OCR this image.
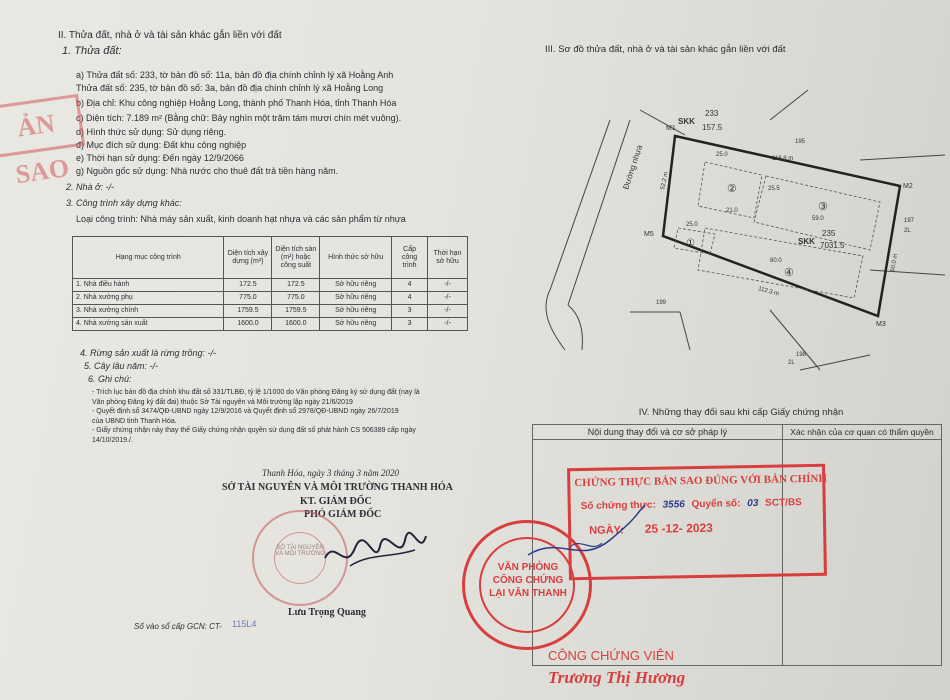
II. Thửa đất, nhà ở và tài sản khác gắn liền với đất
1. Thửa đất:
a) Thửa đất số: 233, tờ bản đồ số: 11a, bản đồ địa chính chỉnh lý xã Hoằng Anh
Thửa đất số: 235, tờ bản đồ số: 3a, bản đồ địa chính chỉnh lý xã Hoằng Long
b) Địa chỉ: Khu công nghiệp Hoằng Long, thành phố Thanh Hóa, tỉnh Thanh Hóa
c) Diện tích: 7.189 m² (Bằng chữ: Bảy nghìn một trăm tám mươi chín mét vuông).
d) Hình thức sử dụng: Sử dụng riêng.
đ) Mục đích sử dụng: Đất khu công nghiệp
e) Thời hạn sử dụng: Đến ngày 12/9/2066
g) Nguồn gốc sử dụng: Nhà nước cho thuê đất trả tiền hàng năm.
2. Nhà ở: -/-
3. Công trình xây dựng khác:
Loại công trình: Nhà máy sản xuất, kinh doanh hạt nhựa và các sản phẩm từ nhựa
Hạng mục công trình	Diện tích xây dựng (m²)	Diện tích sàn (m²) hoặc công suất	Hình thức sở hữu	Cấp công trình	Thời hạn sở hữu
1. Nhà điều hành	172.5	172.5	Sở hữu riêng	4	-/-
2. Nhà xưởng phụ	775.0	775.0	Sở hữu riêng	4	-/-
3. Nhà xưởng chính	1759.5	1759.5	Sở hữu riêng	3	-/-
4. Nhà xưởng sản xuất	1600.0	1600.0	Sở hữu riêng	3	-/-
4. Rừng sản xuất là rừng trồng: -/-
5. Cây lâu năm: -/-
6. Ghi chú:
- Trích lục bản đồ địa chính khu đất số 331/TLBĐ, tỷ lệ 1/1000 do Văn phòng Đăng ký sử dụng đất (nay là
Văn phòng Đăng ký đất đai) thuộc Sở Tài nguyên và Môi trường lập ngày 21/6/2019
- Quyết định số 3474/QĐ-UBND ngày 12/9/2016 và Quyết định số 2978/QĐ-UBND ngày 26/7/2019
của UBND tỉnh Thanh Hóa.
- Giấy chứng nhận này thay thế Giấy chứng nhận quyền sử dụng đất số phát hành CS 506389 cấp ngày
14/10/2019./.
Thanh Hóa, ngày 3 tháng 3 năm 2020
SỞ TÀI NGUYÊN VÀ MÔI TRƯỜNG THANH HÓA
KT. GIÁM ĐỐC
PHÓ GIÁM ĐỐC
SỞ TÀI NGUYÊN VÀ MÔI TRƯỜNG
Lưu Trọng Quang
Số vào sổ cấp GCN: CT- 115L4
ẢN SAO
III. Sơ đồ thửa đất, nhà ở và tài sản khác gắn liền với đất
SKK
233
157.5
SKK
235
7031.5
Đường nhựa
M1
M2
M3
M5
118.8 m
112.3 m
60.0 m
52.2 m
195
197
199
198
2L
2L
25.0
21.0
59.0
80.0
25.0
25.5
②
③
①
④
IV. Những thay đổi sau khi cấp Giấy chứng nhận
Nội dung thay đổi và cơ sở pháp lý	Xác nhận của cơ quan có thẩm quyền

VĂN PHÒNG
CÔNG CHỨNG
LẠI VĂN THANH
CHỨNG THỰC BẢN SAO ĐÚNG VỚI BẢN CHÍNH
Số chứng thực: 3556 Quyển số: 03 SCT/BS
NGÀY: 25 -12- 2023
CÔNG CHỨNG VIÊN
Trương Thị Hương
